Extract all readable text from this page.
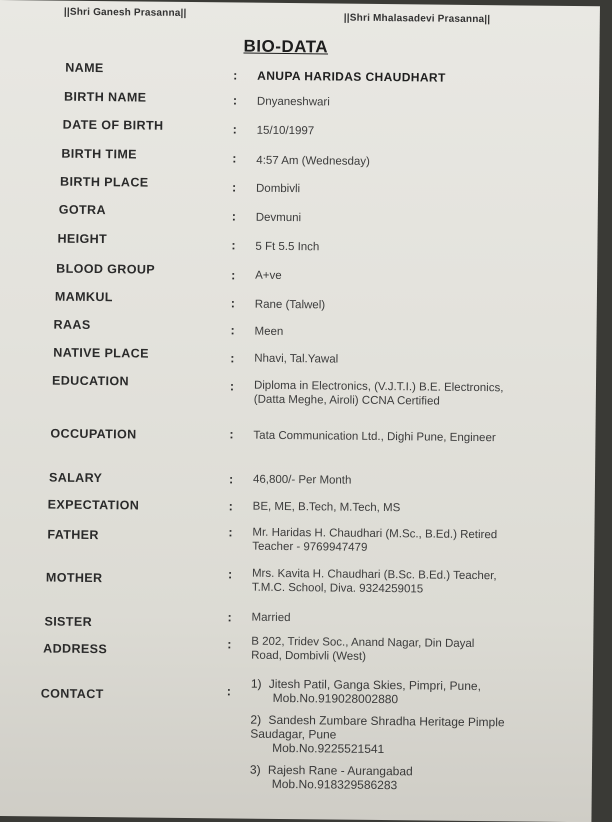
||Shri Ganesh Prasanna||	||Shri Mhalasadevi Prasanna||
BIO-DATA
NAME
: ANUPA HARIDAS CHAUDHART
BIRTH NAME	: Dnyaneshwari
DATE OF BIRTH	: 15/10/1997
BIRTH TIME	: 4:57 Am (Wednesday)
BIRTH PLACE	: Dombivli
GOTRA	: Devmuni
HEIGHT	: 5 Ft 5.5 Inch
BLOOD GROUP	: A+ve
MAMKUL	: Rane (Talwel)
RAAS	: Meen
NATIVE PLACE	: Nhavi, Tal.Yawal
EDUCATION	: Diploma in Electronics, (V.J.T.I.) B.E. Electronics, (Datta Meghe, Airoli) CCNA Certified
OCCUPATION	: Tata Communication Ltd., Dighi Pune, Engineer
SALARY	: 46,800/- Per Month
EXPECTATION	: BE, ME, B.Tech, M.Tech, MS
FATHER	: Mr. Haridas H. Chaudhari (M.Sc., B.Ed.) Retired Teacher - 9769947479
MOTHER	: Mrs. Kavita H. Chaudhari (B.Sc. B.Ed.) Teacher, T.M.C. School, Diva. 9324259015
SISTER	: Married
ADDRESS	: B 202, Tridev Soc., Anand Nagar, Din Dayal Road, Dombivli (West)
CONTACT	:
1) Jitesh Patil, Ganga Skies, Pimpri, Pune,
Mob.No.919028002880
2) Sandesh Zumbare Shradha Heritage Pimple Saudagar, Pune
Mob.No.9225521541
3) Rajesh Rane - Aurangabad
Mob.No.918329586283
